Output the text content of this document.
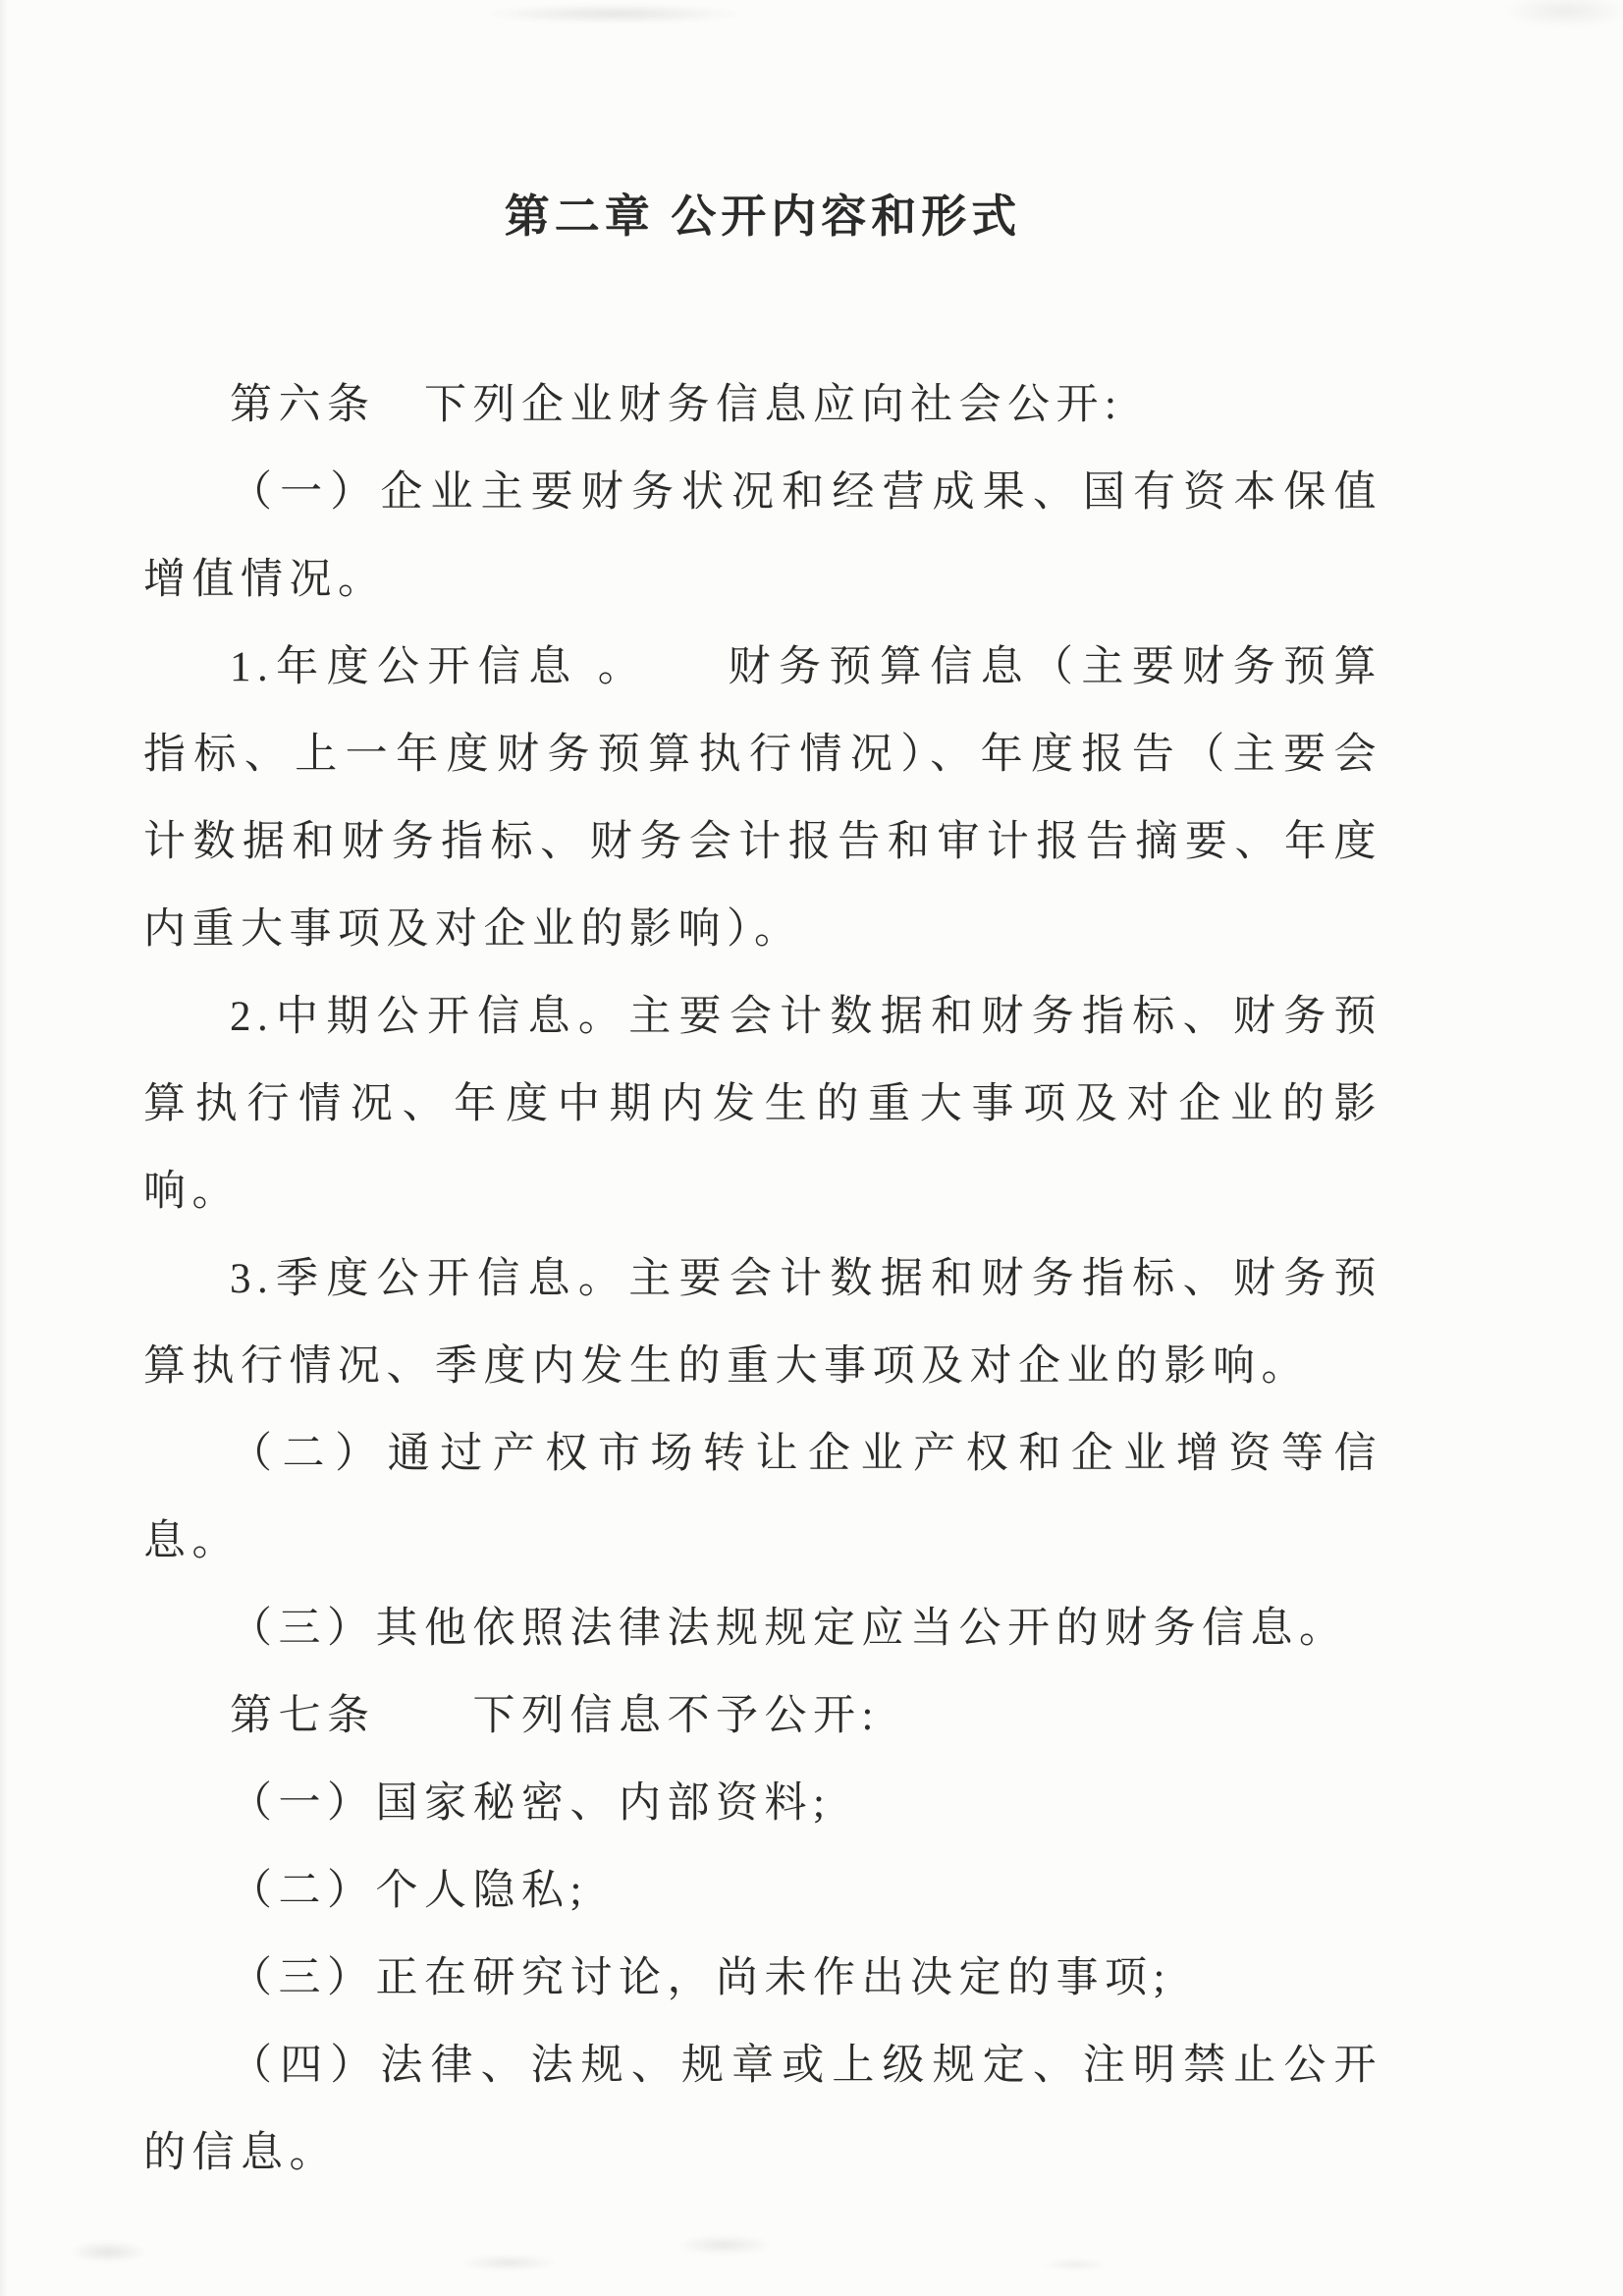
第二章 公开内容和形式

第六条　下列企业财务信息应向社会公开:

（一）企业主要财务状况和经营成果、国有资本保值增值情况。

1.年度公开信息 。　　财务预算信息（主要财务预算指标、上一年度财务预算执行情况）、年度报告（主要会计数据和财务指标、财务会计报告和审计报告摘要、年度内重大事项及对企业的影响）。

2.中期公开信息。主要会计数据和财务指标、财务预算执行情况、年度中期内发生的重大事项及对企业的影响。

3.季度公开信息。主要会计数据和财务指标、财务预算执行情况、季度内发生的重大事项及对企业的影响。

（二）通过产权市场转让企业产权和企业增资等信息。

（三）其他依照法律法规规定应当公开的财务信息。

第七条　　下列信息不予公开:

（一）国家秘密、内部资料;

（二）个人隐私;

（三）正在研究讨论，尚未作出决定的事项;

（四）法律、法规、规章或上级规定、注明禁止公开的信息。
